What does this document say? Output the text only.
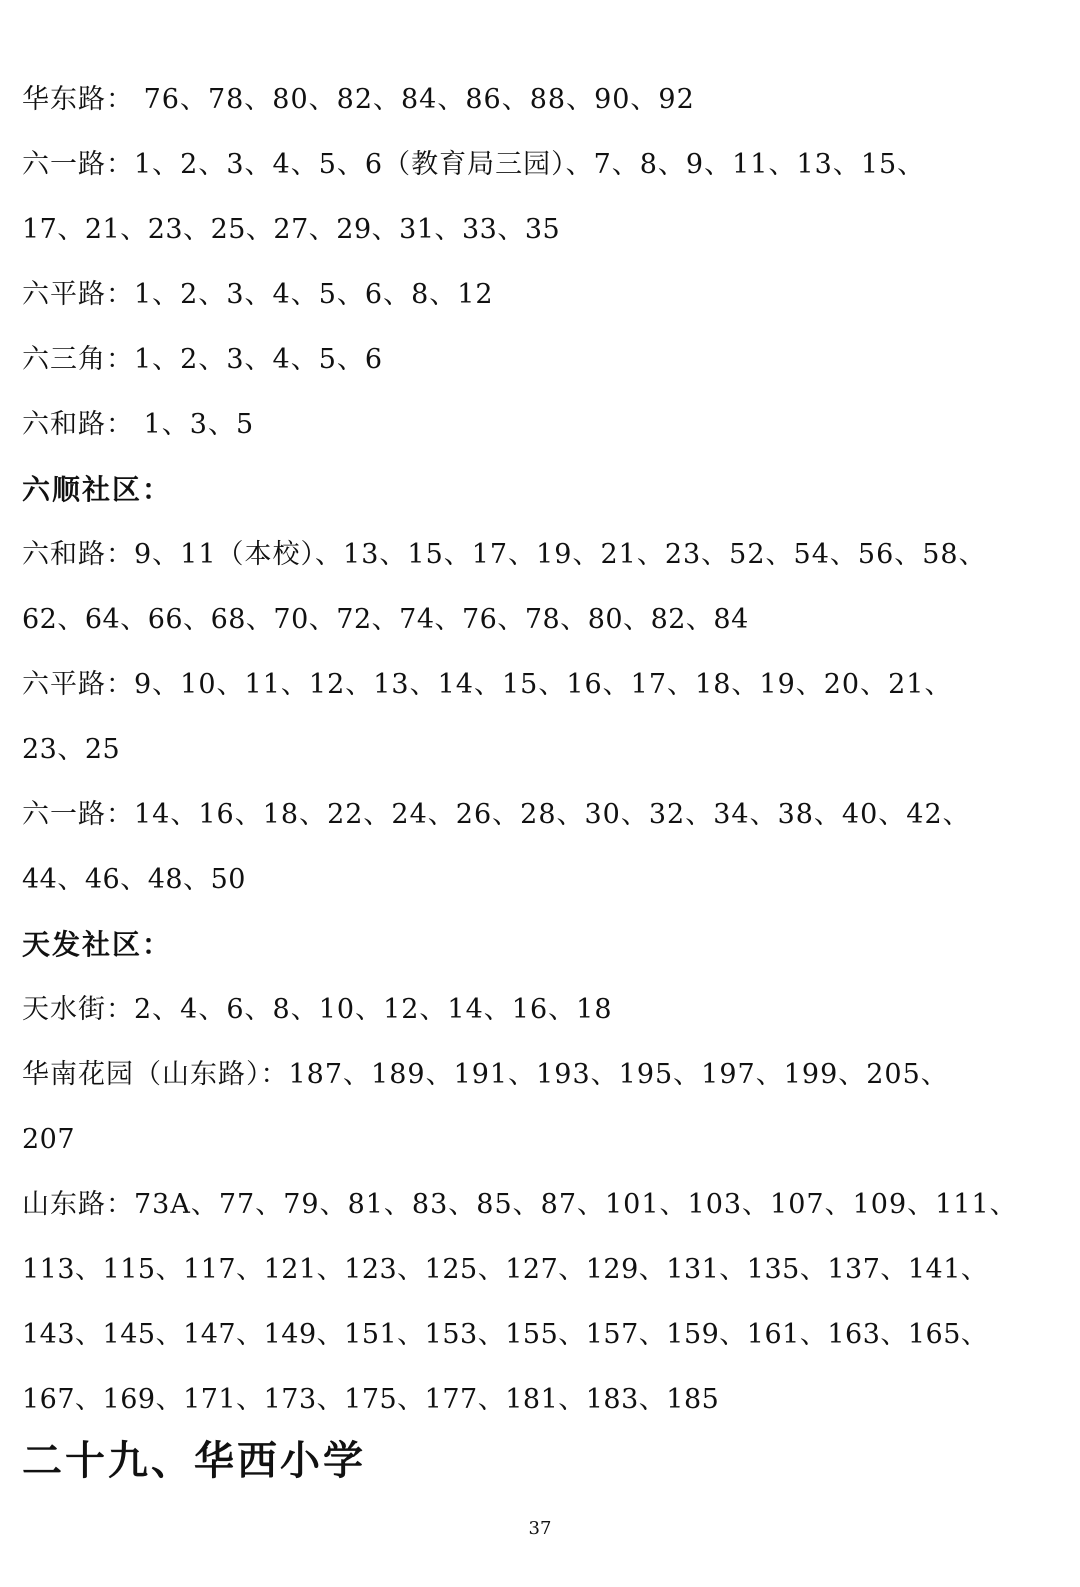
华东路： 76、78、80、82、84、86、88、90、92
六一路：1、2、3、4、5、6（教育局三园）、7、8、9、11、13、15、
17、21、23、25、27、29、31、33、35
六平路：1、2、3、4、5、6、8、12
六三角：1、2、3、4、5、6
六和路： 1、3、5
六顺社区：
六和路：9、11（本校）、13、15、17、19、21、23、52、54、56、58、
62、64、66、68、70、72、74、76、78、80、82、84
六平路：9、10、11、12、13、14、15、16、17、18、19、20、21、
23、25
六一路：14、16、18、22、24、26、28、30、32、34、38、40、42、
44、46、48、50
天发社区：
天水街：2、4、6、8、10、12、14、16、18
华南花园（山东路）：187、189、191、193、195、197、199、205、
207
山东路：73A、77、79、81、83、85、87、101、103、107、109、111、
113、115、117、121、123、125、127、129、131、135、137、141、
143、145、147、149、151、153、155、157、159、161、163、165、
167、169、171、173、175、177、181、183、185
二十九、华西小学
37
